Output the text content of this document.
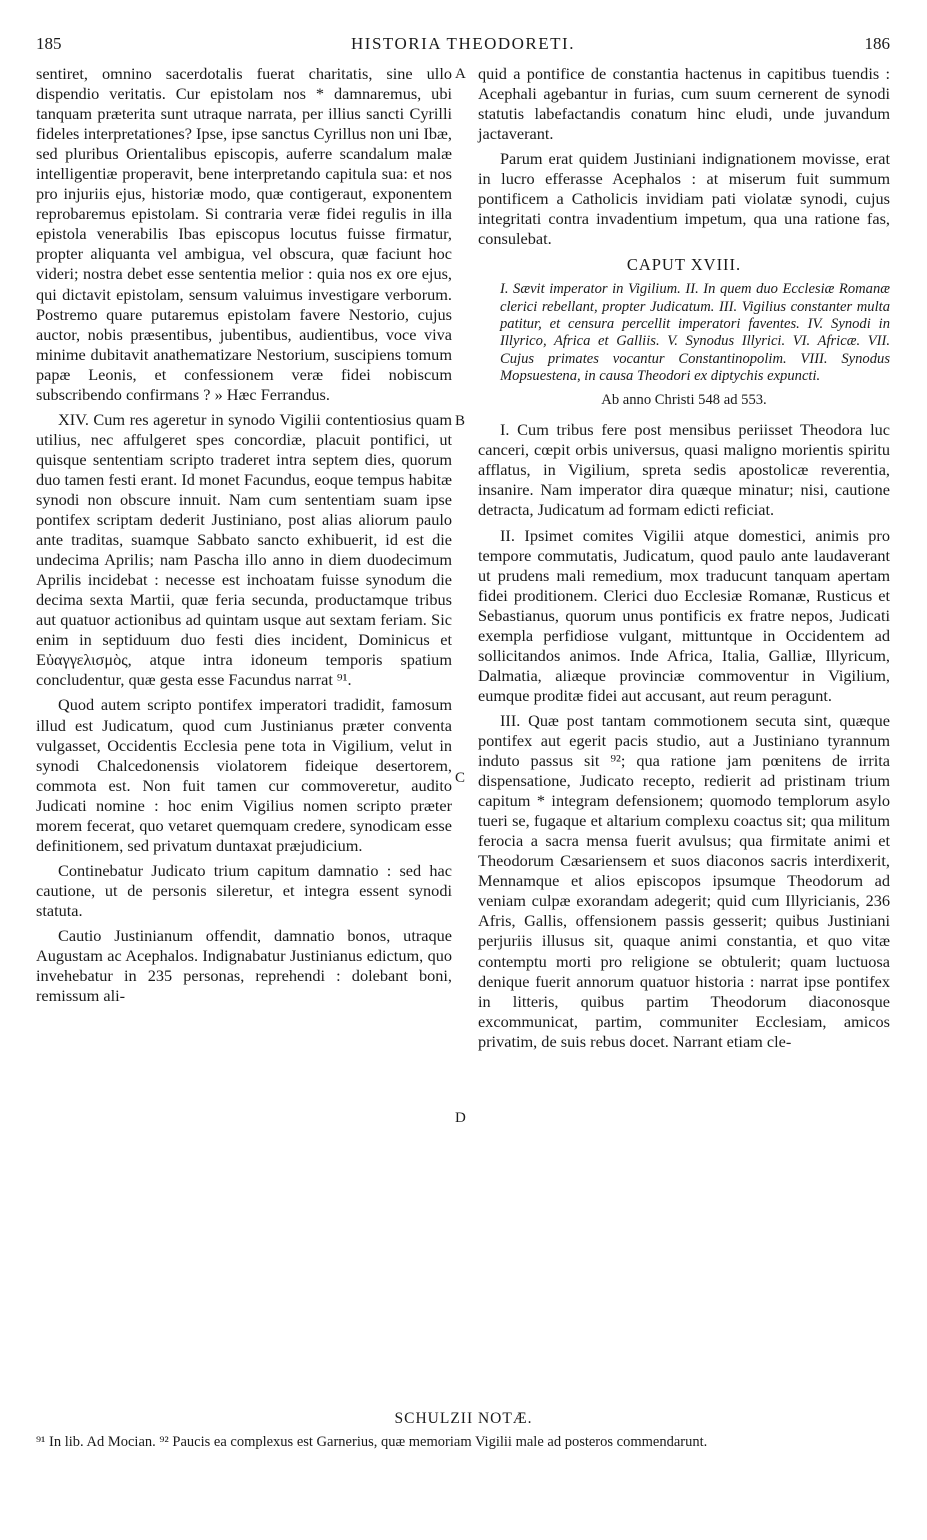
185	HISTORIA THEODORETI.	186

sentiret, omnino sacerdotalis fuerat charitatis, sine ullo dispendio veritatis. Cur epistolam nos * damnaremus, ubi tanquam præterita sunt utraque narrata, per illius sancti Cyrilli fideles interpretationes? Ipse, ipse sanctus Cyrillus non uni Ibæ, sed pluribus Orientalibus episcopis, auferre scandalum malæ intelligentiæ properavit, bene interpretando capitula sua: et nos pro injuriis ejus, historiæ modo, quæ contigeraut, exponentem reprobaremus epistolam. Si contraria veræ fidei regulis in illa epistola venerabilis Ibas episcopus locutus fuisse firmatur, propter aliquanta vel ambigua, vel obscura, quæ faciunt hoc videri; nostra debet esse sententia melior : quia nos ex ore ejus, qui dictavit epistolam, sensum valuimus investigare verborum. Postremo quare putaremus epistolam favere Nestorio, cujus auctor, nobis præsentibus, jubentibus, audientibus, voce viva minime dubitavit anathematizare Nestorium, suscipiens tomum papæ Leonis, et confessionem veræ fidei nobiscum subscribendo confirmans ? » Hæc Ferrandus.

XIV. Cum res ageretur in synodo Vigilii contentiosius quam utilius, nec affulgeret spes concordiæ, placuit pontifici, ut quisque sententiam scripto traderet intra septem dies, quorum duo tamen festi erant. Id monet Facundus, eoque tempus habitæ synodi non obscure innuit. Nam cum sententiam suam ipse pontifex scriptam dederit Justiniano, post alias aliorum paulo ante traditas, suamque Sabbato sancto exhibuerit, id est die undecima Aprilis; nam Pascha illo anno in diem duodecimum Aprilis incidebat : necesse est inchoatam fuisse synodum die decima sexta Martii, quæ feria secunda, productamque tribus aut quatuor actionibus ad quintam usque aut sextam feriam. Sic enim in septiduum duo festi dies incident, Dominicus et Εὐαγγελισμὸς, atque intra idoneum temporis spatium concludentur, quæ gesta esse Facundus narrat ⁹¹.

Quod autem scripto pontifex imperatori tradidit, famosum illud est Judicatum, quod cum Justinianus præter conventa vulgasset, Occidentis Ecclesia pene tota in Vigilium, velut in synodi Chalcedonensis violatorem fideique desertorem, commota est. Non fuit tamen cur commoveretur, audito Judicati nomine : hoc enim Vigilius nomen scripto præter morem fecerat, quo vetaret quemquam credere, synodicam esse definitionem, sed privatum duntaxat præjudicium.

Continebatur Judicato trium capitum damnatio : sed hac cautione, ut de personis sileretur, et integra essent synodi statuta.

Cautio Justinianum offendit, damnatio bonos, utraque Augustam ac Acephalos. Indignabatur Justinianus edictum, quo invehebatur in 235 personas, reprehendi : dolebant boni, remissum ali-

A
B
C
D

quid a pontifice de constantia hactenus in capitibus tuendis : Acephali agebantur in furias, cum suum cernerent de synodi statutis labefactandis conatum hinc eludi, unde juvandum jactaverant.

Parum erat quidem Justiniani indignationem movisse, erat in lucro efferasse Acephalos : at miserum fuit summum pontificem a Catholicis invidiam pati violatæ synodi, cujus integritati contra invadentium impetum, qua una ratione fas, consulebat.

CAPUT XVIII.

I. Sævit imperator in Vigilium. II. In quem duo Ecclesiæ Romanæ clerici rebellant, propter Judicatum. III. Vigilius constanter multa patitur, et censura percellit imperatori faventes. IV. Synodi in Illyrico, Africa et Galliis. V. Synodus Illyrici. VI. Africæ. VII. Cujus primates vocantur Constantinopolim. VIII. Synodus Mopsuestena, in causa Theodori ex diptychis expuncti.

Ab anno Christi 548 ad 553.

I. Cum tribus fere post mensibus periisset Theodora luc canceri, cœpit orbis universus, quasi maligno morientis spiritu afflatus, in Vigilium, spreta sedis apostolicæ reverentia, insanire. Nam imperator dira quæque minatur; nisi, cautione detracta, Judicatum ad formam edicti reficiat.

II. Ipsimet comites Vigilii atque domestici, animis pro tempore commutatis, Judicatum, quod paulo ante laudaverant ut prudens mali remedium, mox traducunt tanquam apertam fidei proditionem. Clerici duo Ecclesiæ Romanæ, Rusticus et Sebastianus, quorum unus pontificis ex fratre nepos, Judicati exempla perfidiose vulgant, mittuntque in Occidentem ad sollicitandos animos. Inde Africa, Italia, Galliæ, Illyricum, Dalmatia, aliæque provinciæ commoventur in Vigilium, eumque proditæ fidei aut accusant, aut reum peragunt.

III. Quæ post tantam commotionem secuta sint, quæque pontifex aut egerit pacis studio, aut a Justiniano tyrannum induto passus sit ⁹²; qua ratione jam pœnitens de irrita dispensatione, Judicato recepto, redierit ad pristinam trium capitum * integram defensionem; quomodo templorum asylo tueri se, fugaque et altarium complexu coactus sit; qua militum ferocia a sacra mensa fuerit avulsus; qua firmitate animi et Theodorum Cæsariensem et suos diaconos sacris interdixerit, Mennamque et alios episcopos ipsumque Theodorum ad veniam culpæ exorandam adegerit; quid cum Illyricianis, 236 Afris, Gallis, offensionem passis gesserit; quibus Justiniani perjuriis illusus sit, quaque animi constantia, et quo vitæ contemptu morti pro religione se obtulerit; quam luctuosa denique fuerit annorum quatuor historia : narrat ipse pontifex in litteris, quibus partim Theodorum diaconosque excommunicat, partim, communiter Ecclesiam, amicos privatim, de suis rebus docet. Narrant etiam cle-

SCHULZII NOTÆ.
⁹¹ In lib. Ad Mocian. ⁹² Paucis ea complexus est Garnerius, quæ memoriam Vigilii male ad posteros commendarunt.
